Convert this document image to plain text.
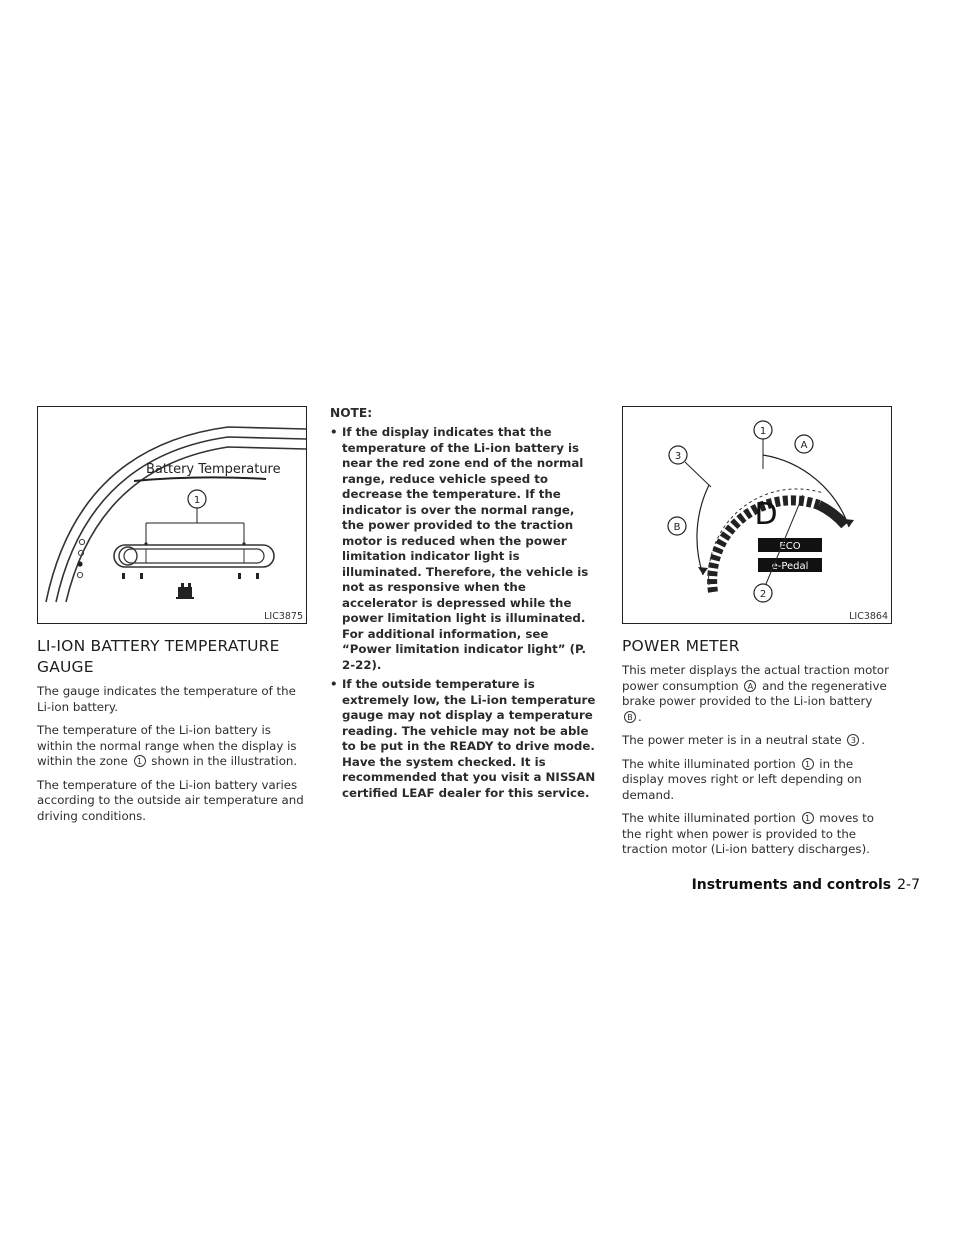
Battery Temperature
1
LIC3875
LI-ION BATTERY TEMPERATURE GAUGE

The gauge indicates the temperature of the Li-ion battery.

The temperature of the Li-ion battery is within the normal range when the display is within the zone 1 shown in the illustration.

The temperature of the Li-ion battery varies according to the outside air temperature and driving conditions.

NOTE:
• If the display indicates that the temperature of the Li-ion battery is near the red zone end of the normal range, reduce vehicle speed to decrease the temperature. If the indicator is over the normal range, the power provided to the traction motor is reduced when the power limitation indicator light is illuminated. Therefore, the vehicle is not as responsive when the accelerator is depressed while the power limitation light is illuminated. For additional information, see “Power limitation indicator light” (P. 2-22).
• If the outside temperature is extremely low, the Li-ion temperature gauge may not display a temperature reading. The vehicle may not be able to be put in the READY to drive mode. Have the system checked. It is recommended that you visit a NISSAN certified LEAF dealer for this service.
D
ECO
e-Pedal
1
2
3
A
B
LIC3864
POWER METER

This meter displays the actual traction motor power consumption A and the regenerative brake power provided to the Li-ion battery B .

The power meter is in a neutral state 3 .

The white illuminated portion 1 in the display moves right or left depending on demand.

The white illuminated portion 1 moves to the right when power is provided to the traction motor (Li-ion battery discharges).

Instruments and controls 2-7
